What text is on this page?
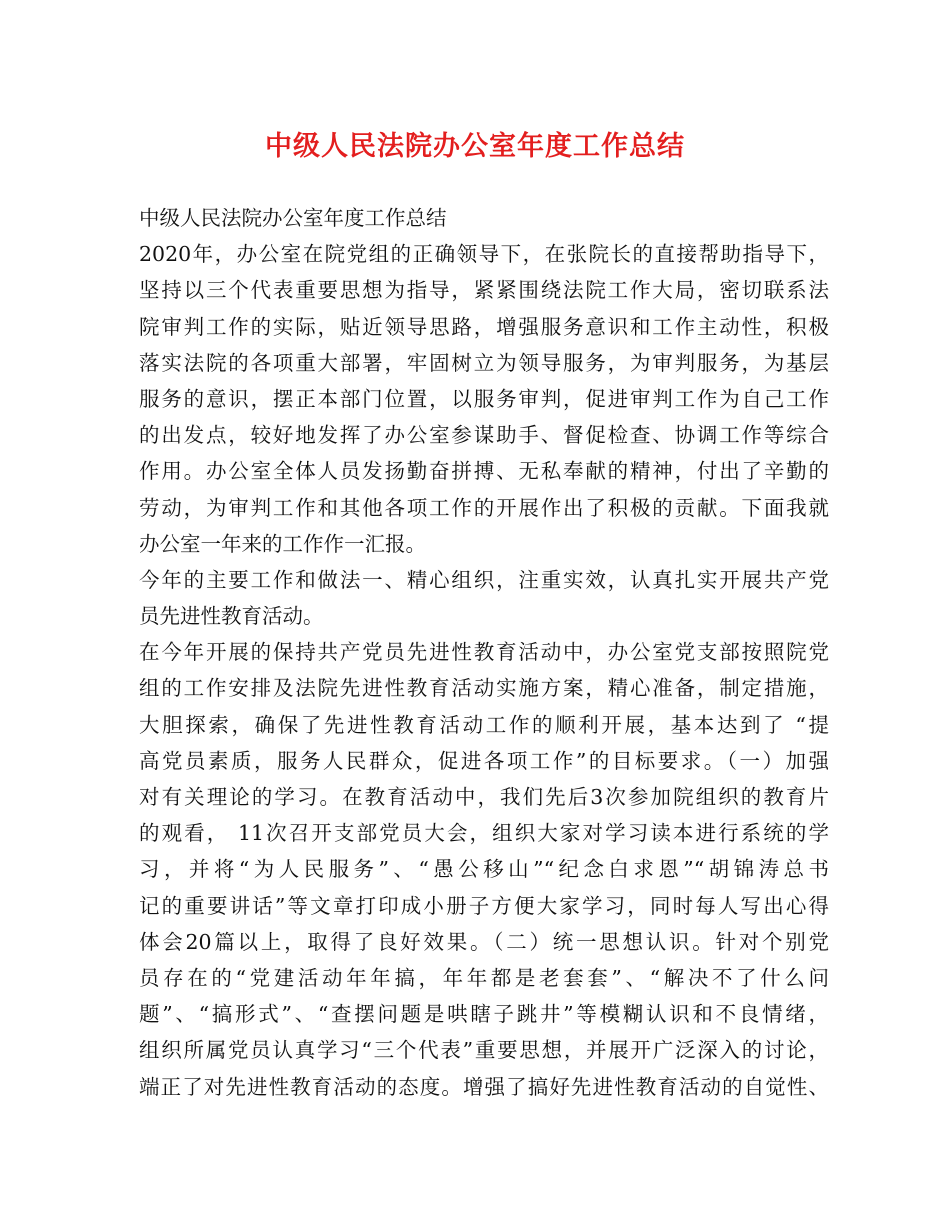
中级人民法院办公室年度工作总结
中级人民法院办公室年度工作总结
2020年，办公室在院党组的正确领导下，在张院长的直接帮助指导下，
坚持以三个代表重要思想为指导，紧紧围绕法院工作大局，密切联系法
院审判工作的实际，贴近领导思路，增强服务意识和工作主动性，积极
落实法院的各项重大部署，牢固树立为领导服务，为审判服务，为基层
服务的意识，摆正本部门位置，以服务审判，促进审判工作为自己工作
的出发点，较好地发挥了办公室参谋助手、督促检查、协调工作等综合
作用。办公室全体人员发扬勤奋拼搏、无私奉献的精神，付出了辛勤的
劳动，为审判工作和其他各项工作的开展作出了积极的贡献。下面我就
办公室一年来的工作作一汇报。
今年的主要工作和做法一、精心组织，注重实效，认真扎实开展共产党
员先进性教育活动。
在今年开展的保持共产党员先进性教育活动中，办公室党支部按照院党
组的工作安排及法院先进性教育活动实施方案，精心准备，制定措施，
大胆探索，确保了先进性教育活动工作的顺利开展，基本达到了 “提
高党员素质，服务人民群众，促进各项工作”的目标要求。（一）加强
对有关理论的学习。在教育活动中，我们先后3次参加院组织的教育片
的观看， 11次召开支部党员大会，组织大家对学习读本进行系统的学
习，并将“为人民服务”、“愚公移山”“纪念白求恩”“胡锦涛总书
记的重要讲话”等文章打印成小册子方便大家学习，同时每人写出心得
体会20篇以上，取得了良好效果。（二）统一思想认识。针对个别党
员存在的“党建活动年年搞，年年都是老套套”、“解决不了什么问
题”、“搞形式”、“查摆问题是哄瞎子跳井”等模糊认识和不良情绪，
组织所属党员认真学习“三个代表”重要思想，并展开广泛深入的讨论，
端正了对先进性教育活动的态度。增强了搞好先进性教育活动的自觉性、
